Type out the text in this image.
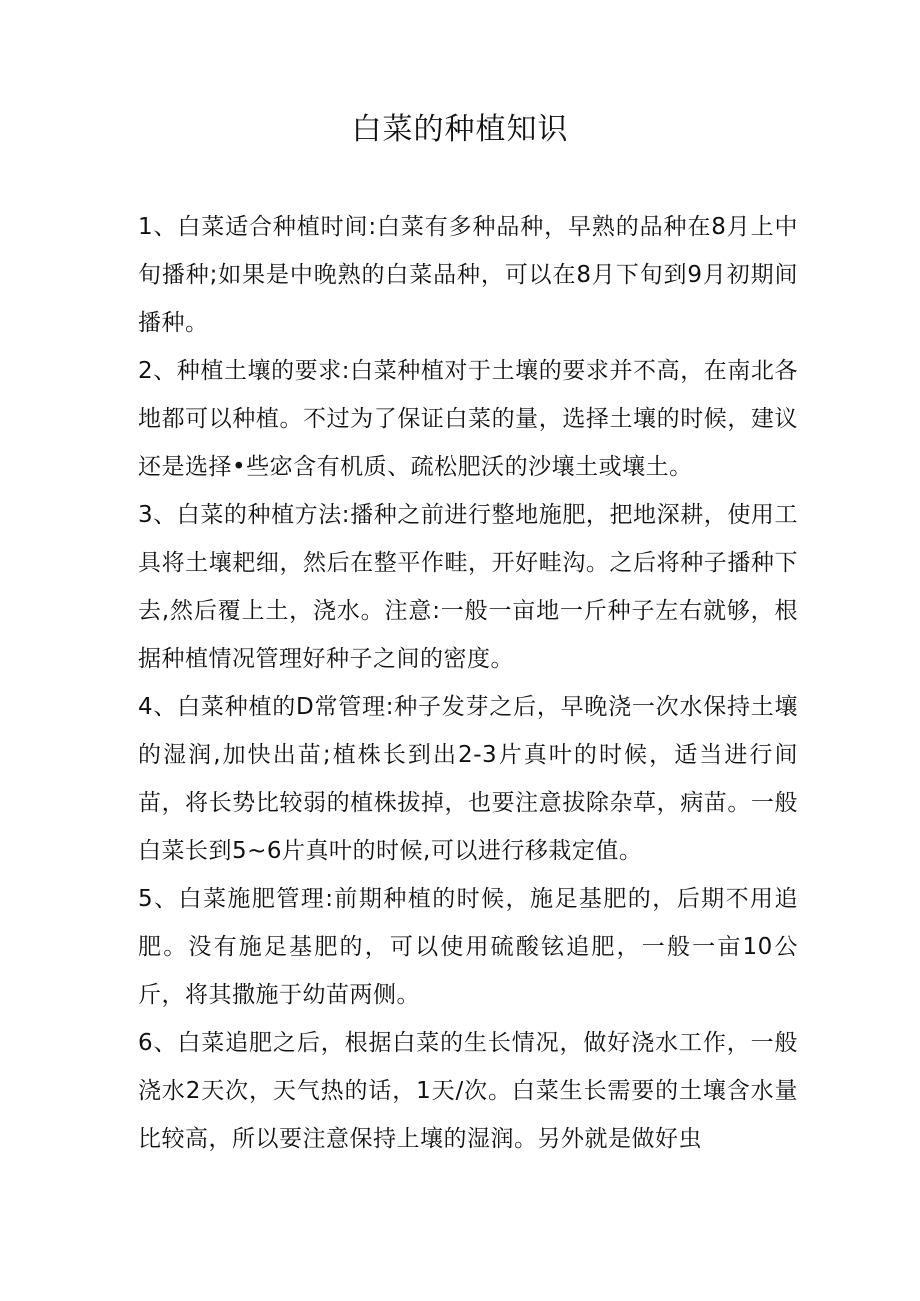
白菜的种植知识

1、白菜适合种植时间:白菜有多种品种，早熟的品种在8月上中旬播种;如果是中晚熟的白菜品种，可以在8月下旬到9月初期间播种。

2、种植土壤的要求:白菜种植对于土壤的要求并不高，在南北各地都可以种植。不过为了保证白菜的量，选择土壤的时候，建议还是选择•些宓含有机质、疏松肥沃的沙壤土或壤土。

3、白菜的种植方法:播种之前进行整地施肥，把地深耕，使用工具将土壤耙细，然后在整平作畦，开好畦沟。之后将种子播种下去,然后覆上土，浇水。注意:一般一亩地一斤种子左右就够，根据种植情况管理好种子之间的密度。

4、白菜种植的D常管理:种子发芽之后，早晚浇一次水保持土壤的湿润,加快出苗;植株长到出2-3片真叶的时候，适当进行间苗，将长势比较弱的植株拔掉，也要注意拔除杂草，病苗。一般白菜长到5~6片真叶的时候,可以进行移栽定值。

5、白菜施肥管理:前期种植的时候，施足基肥的，后期不用追肥。没有施足基肥的，可以使用硫酸铉追肥，一般一亩10公斤，将其撒施于幼苗两侧。

6、白菜追肥之后，根据白菜的生长情况，做好浇水工作，一般浇水2天次，天气热的话，1天/次。白菜生长需要的土壤含水量比较高，所以要注意保持上壤的湿润。另外就是做好虫
